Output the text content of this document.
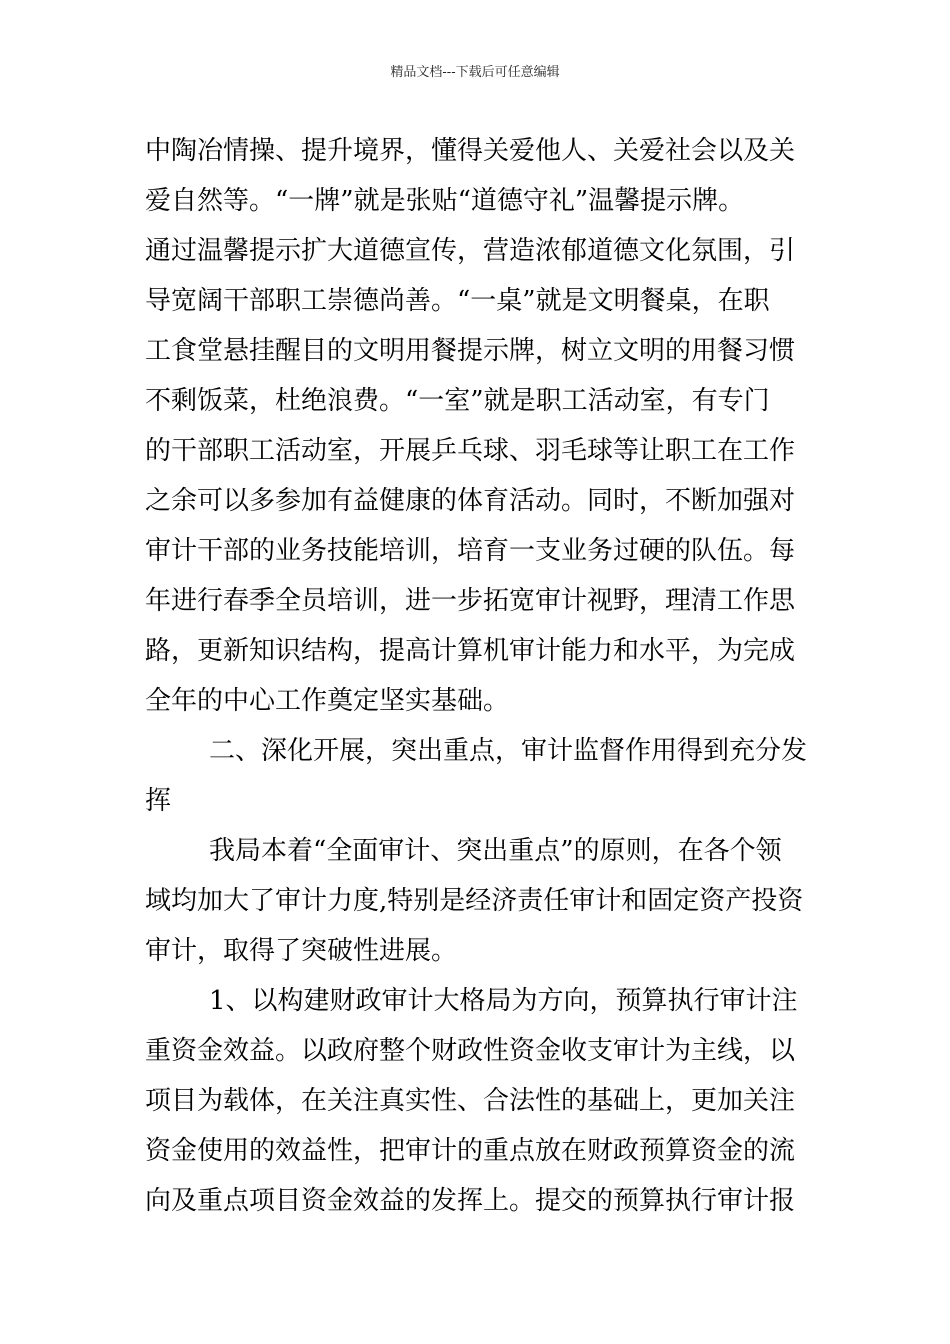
精品文档---下载后可任意编辑
中陶冶情操、提升境界，懂得关爱他人、关爱社会以及关
爱自然等。“一牌”就是张贴“道德守礼”温馨提示牌。
通过温馨提示扩大道德宣传，营造浓郁道德文化氛围，引
导宽阔干部职工崇德尚善。“一桌”就是文明餐桌，在职
工食堂悬挂醒目的文明用餐提示牌，树立文明的用餐习惯
不剩饭菜，杜绝浪费。“一室”就是职工活动室，有专门
的干部职工活动室，开展乒乓球、羽毛球等让职工在工作
之余可以多参加有益健康的体育活动。同时，不断加强对
审计干部的业务技能培训，培育一支业务过硬的队伍。每
年进行春季全员培训，进一步拓宽审计视野，理清工作思
路，更新知识结构，提高计算机审计能力和水平，为完成
全年的中心工作奠定坚实基础。
二、深化开展，突出重点，审计监督作用得到充分发
挥
我局本着“全面审计、突出重点”的原则，在各个领
域均加大了审计力度,特别是经济责任审计和固定资产投资
审计，取得了突破性进展。
1、以构建财政审计大格局为方向，预算执行审计注
重资金效益。以政府整个财政性资金收支审计为主线，以
项目为载体，在关注真实性、合法性的基础上，更加关注
资金使用的效益性，把审计的重点放在财政预算资金的流
向及重点项目资金效益的发挥上。提交的预算执行审计报
